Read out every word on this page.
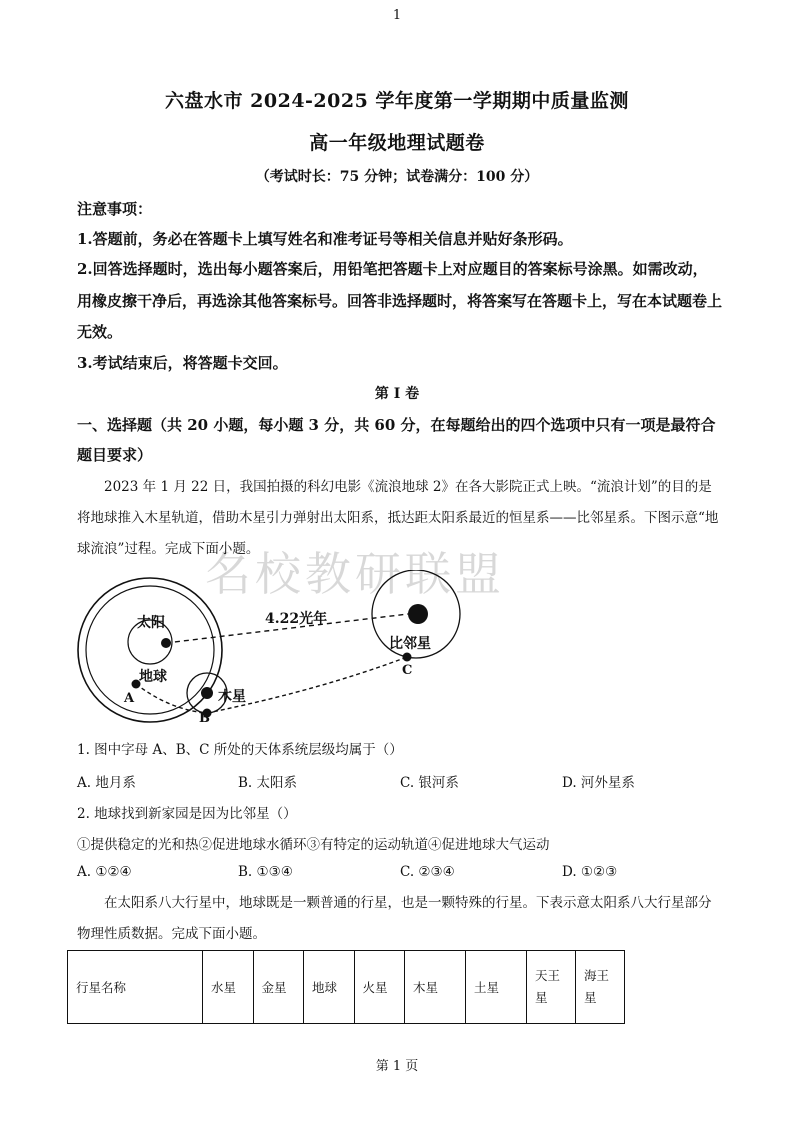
1
六盘水市 2024-2025 学年度第一学期期中质量监测
高一年级地理试题卷
（考试时长：75 分钟；试卷满分：100 分）
注意事项：
1.答题前，务必在答题卡上填写姓名和准考证号等相关信息并贴好条形码。
2.回答选择题时，选出每小题答案后，用铅笔把答题卡上对应题目的答案标号涂黑。如需改动，用橡皮擦干净后，再选涂其他答案标号。回答非选择题时，将答案写在答题卡上，写在本试题卷上无效。
3.考试结束后，将答题卡交回。
第 I 卷
一、选择题（共 20 小题，每小题 3 分，共 60 分，在每题给出的四个选项中只有一项是最符合题目要求）
名校教研联盟
2023 年 1 月 22 日，我国拍摄的科幻电影《流浪地球 2》在各大影院正式上映。“流浪计划”的目的是将地球推入木星轨道，借助木星引力弹射出太阳系，抵达距太阳系最近的恒星系——比邻星系。下图示意“地球流浪”过程。完成下面小题。
太阳
地球
木星
比邻星
4.22光年
A
B
C
1. 图中字母 A、B、C 所处的天体系统层级均属于（）
A. 地月系	B. 太阳系	C. 银河系	D. 河外星系
2. 地球找到新家园是因为比邻星（）
①提供稳定的光和热②促进地球水循环③有特定的运动轨道④促进地球大气运动
A. ①②④	B. ①③④	C. ②③④	D. ①②③
在太阳系八大行星中，地球既是一颗普通的行星，也是一颗特殊的行星。下表示意太阳系八大行星部分物理性质数据。完成下面小题。
行星名称	水星	金星	地球	火星	木星	土星	天王星	海王星
第 1 页
